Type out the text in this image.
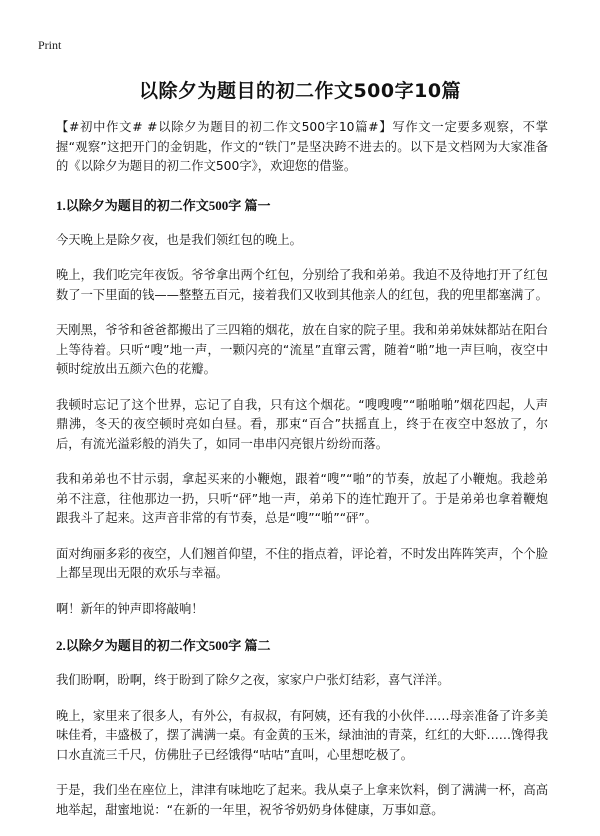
Print
以除夕为题目的初二作文500字10篇

【#初中作文# #以除夕为题目的初二作文500字10篇#】写作文一定要多观察，不掌握“观察”这把开门的金钥匙，作文的“铁门”是坚决跨不进去的。以下是文档网为大家准备的《以除夕为题目的初二作文500字》，欢迎您的借鉴。

1.以除夕为题目的初二作文500字 篇一

今天晚上是除夕夜，也是我们领红包的晚上。

晚上，我们吃完年夜饭。爷爷拿出两个红包，分别给了我和弟弟。我迫不及待地打开了红包数了一下里面的钱——整整五百元，接着我们又收到其他亲人的红包，我的兜里都塞满了。

天刚黑，爷爷和爸爸都搬出了三四箱的烟花，放在自家的院子里。我和弟弟妹妹都站在阳台上等待着。只听“嗖”地一声，一颗闪亮的“流星”直窜云霄，随着“啪”地一声巨响，夜空中顿时绽放出五颜六色的花瓣。

我顿时忘记了这个世界，忘记了自我，只有这个烟花。“嗖嗖嗖”“啪啪啪”烟花四起，人声鼎沸，冬天的夜空顿时亮如白昼。看，那束“百合”扶摇直上，终于在夜空中怒放了，尔后，有流光溢彩般的消失了，如同一串串闪亮银片纷纷而落。

我和弟弟也不甘示弱，拿起买来的小鞭炮，跟着“嗖”“啪”的节奏，放起了小鞭炮。我趁弟弟不注意，往他那边一扔，只听“砰”地一声，弟弟下的连忙跑开了。于是弟弟也拿着鞭炮跟我斗了起来。这声音非常的有节奏，总是“嗖”“啪”“砰”。

面对绚丽多彩的夜空，人们翘首仰望，不住的指点着，评论着，不时发出阵阵笑声，个个脸上都呈现出无限的欢乐与幸福。

啊！新年的钟声即将敲响！

2.以除夕为题目的初二作文500字 篇二

我们盼啊，盼啊，终于盼到了除夕之夜，家家户户张灯结彩，喜气洋洋。

晚上，家里来了很多人，有外公，有叔叔，有阿姨，还有我的小伙伴……母亲准备了许多美味佳肴，丰盛极了，摆了满满一桌。有金黄的玉米，绿油油的青菜，红红的大虾……馋得我口水直流三千尺，仿佛肚子已经饿得“咕咕”直叫，心里想吃极了。

于是，我们坐在座位上，津津有味地吃了起来。我从桌子上拿来饮料，倒了满满一杯，高高地举起，甜蜜地说：“在新的一年里，祝爷爷奶奶身体健康，万事如意。
